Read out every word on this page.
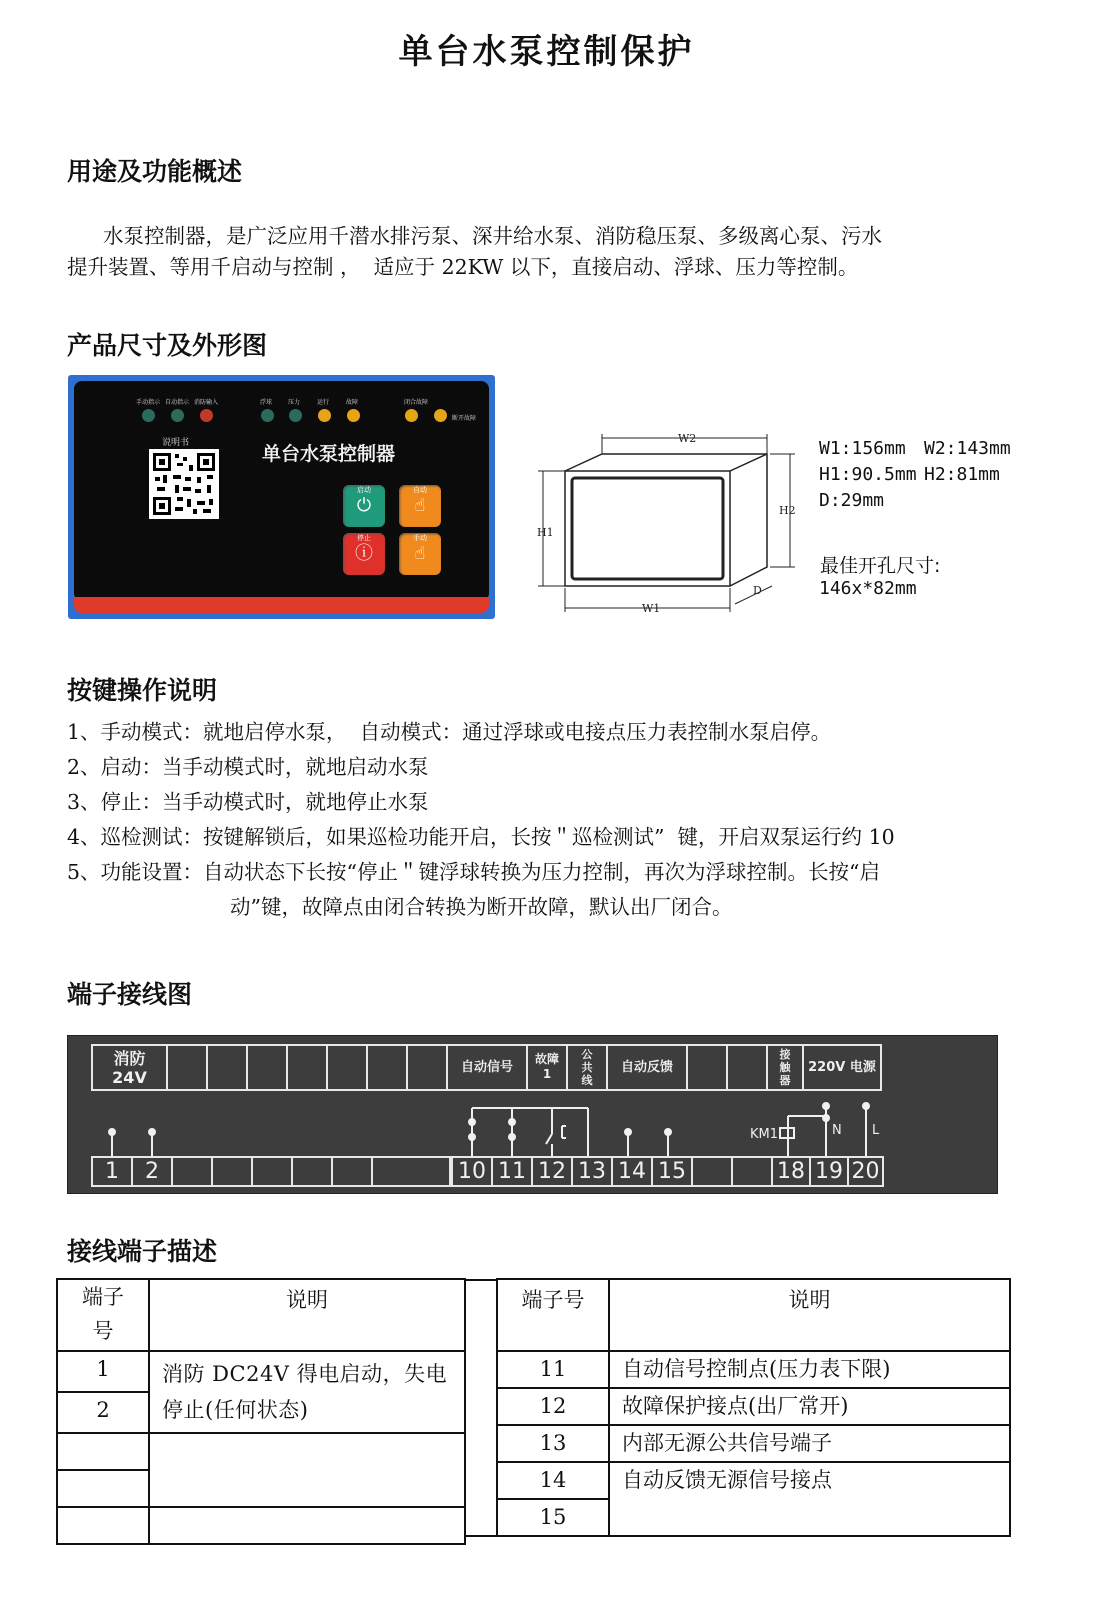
单台水泵控制保护
用途及功能概述
水泵控制器，是广泛应用千潜水排污泵、深井给水泵、消防稳压泵、多级离心泵、污水
提升装置、等用千启动与控制 ，  适应于 22KW 以下，直接启动、浮球、压力等控制。
产品尺寸及外形图
手动指示 自动指示 消防输入	浮球	压力	运行	故障	闭合故障
断开故障
说明书	单台水泵控制器
启动
⏻
自动
☝
停止
ⓘ
手动
☝
W2
W1
H1
H2
D
W1:156mm W2:143mm
H1:90.5mm H2:81mm
D:29mm
最佳开孔尺寸:
146x*82mm
按键操作说明
1、手动模式：就地启停水泵，  自动模式：通过浮球或电接点压力表控制水泵启停。
2、启动：当手动模式时，就地启动水泵
3、停止：当手动模式时，就地停止水泵
4、巡检测试：按键解锁后，如果巡检功能开启，长按＂巡检测试”  键，开启双泵运行约 10
5、功能设置：自动状态下长按“停止＂键浮球转换为压力控制，再次为浮球控制。长按“启
动”键，故障点由闭合转换为断开故障，默认出厂闭合。
端子接线图
消防
24V
自动信号
故障
1
公
共
线
自动反馈
接
触
器
220V 电源
KM1	N L
1	2	10 11 12 13 14 15	18 19 20
接线端子描述
端子
号	说明
1	消防 DC24V 得电启动，失电
停止(任何状态)
2	

端子号	说明
11	自动信号控制点(压力表下限)
12	故障保护接点(出厂常开)
13	内部无源公共信号端子
14	自动反馈无源信号接点
15	
